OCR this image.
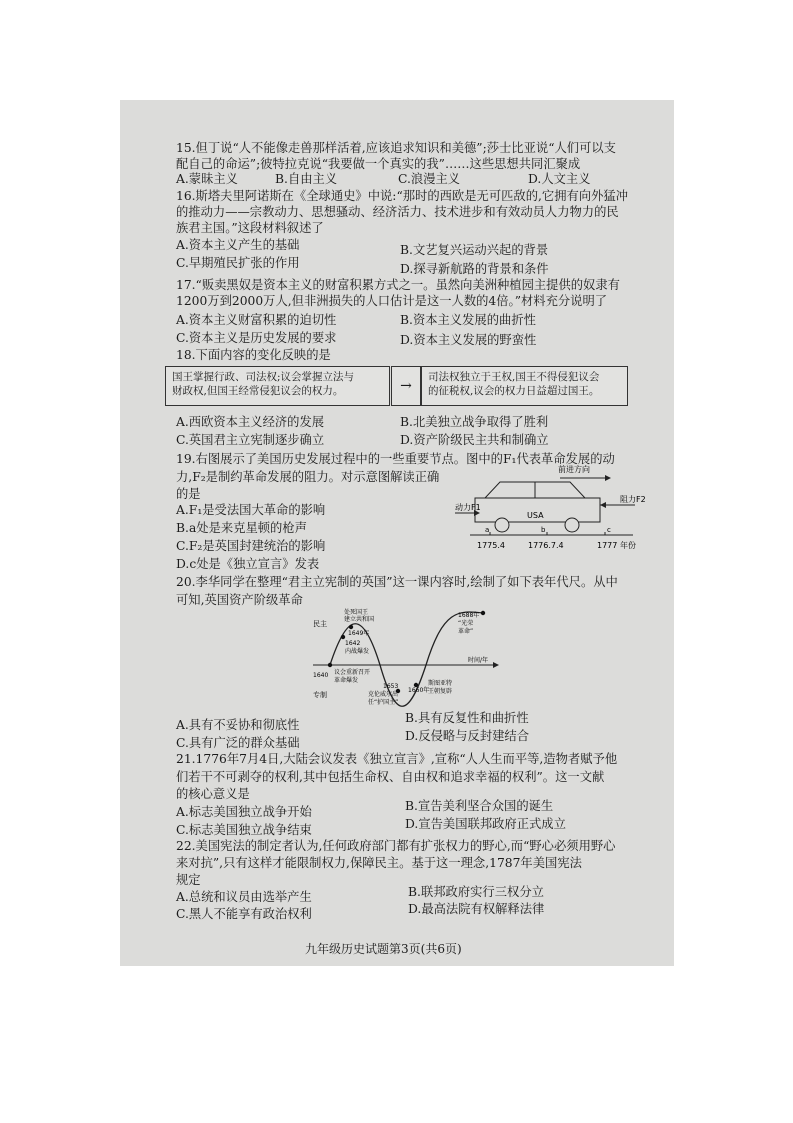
15.但丁说“人不能像走兽那样活着,应该追求知识和美德”;莎士比亚说“人们可以支
配自己的命运”;彼特拉克说“我要做一个真实的我”……这些思想共同汇聚成
A.蒙昧主义	B.自由主义	C.浪漫主义	D.人文主义
16.斯塔夫里阿诺斯在《全球通史》中说:“那时的西欧是无可匹敌的,它拥有向外猛冲
的推动力——宗教动力、思想骚动、经济活力、技术进步和有效动员人力物力的民
族君主国。”这段材料叙述了
A.资本主义产生的基础	B.文艺复兴运动兴起的背景
C.早期殖民扩张的作用	D.探寻新航路的背景和条件
17.“贩卖黑奴是资本主义的财富积累方式之一。虽然向美洲种植园主提供的奴隶有
1200万到2000万人,但非洲损失的人口估计是这一人数的4倍。”材料充分说明了
A.资本主义财富积累的迫切性	B.资本主义发展的曲折性
C.资本主义是历史发展的要求	D.资本主义发展的野蛮性
18.下面内容的变化反映的是
国王掌握行政、司法权;议会掌握立法与
财政权,但国王经常侵犯议会的权力。	→
司法权独立于王权,国王不得侵犯议会
的征税权,议会的权力日益超过国王。
A.西欧资本主义经济的发展	B.北美独立战争取得了胜利
C.英国君主立宪制逐步确立	D.资产阶级民主共和制确立
19.右图展示了美国历史发展过程中的一些重要节点。图中的F₁代表革命发展的动
力,F₂是制约革命发展的阻力。对示意图解读正确
的是
A.F₁是受法国大革命的影响
B.a处是来克星顿的枪声
C.F₂是英国封建统治的影响
D.c处是《独立宣言》发表
前进方向
USA
动力F1
阻力F2
a	b	c
1775.4	1776.7.4	1777 年份
20.李华同学在整理“君主立宪制的英国”这一课内容时,绘制了如下表年代尺。从中
可知,英国资产阶级革命
民主
专制
时间/年
1640 议会重新召开
革命爆发
1642
内战爆发
1649年
处死国王
建立共和国
1653
克伦威尔出
任“护国主”
1660年
斯图亚特
王朝复辟
1688年
“光荣
革命”
A.具有不妥协和彻底性	B.具有反复性和曲折性
C.具有广泛的群众基础	D.反侵略与反封建结合
21.1776年7月4日,大陆会议发表《独立宣言》,宣称“人人生而平等,造物者赋予他
们若干不可剥夺的权利,其中包括生命权、自由权和追求幸福的权利”。这一文献
的核心意义是
A.标志美国独立战争开始	B.宣告美利坚合众国的诞生
C.标志美国独立战争结束	D.宣告美国联邦政府正式成立
22.美国宪法的制定者认为,任何政府部门都有扩张权力的野心,而“野心必须用野心
来对抗”,只有这样才能限制权力,保障民主。基于这一理念,1787年美国宪法
规定
A.总统和议员由选举产生	B.联邦政府实行三权分立
C.黑人不能享有政治权利	D.最高法院有权解释法律
九年级历史试题第3页(共6页)
